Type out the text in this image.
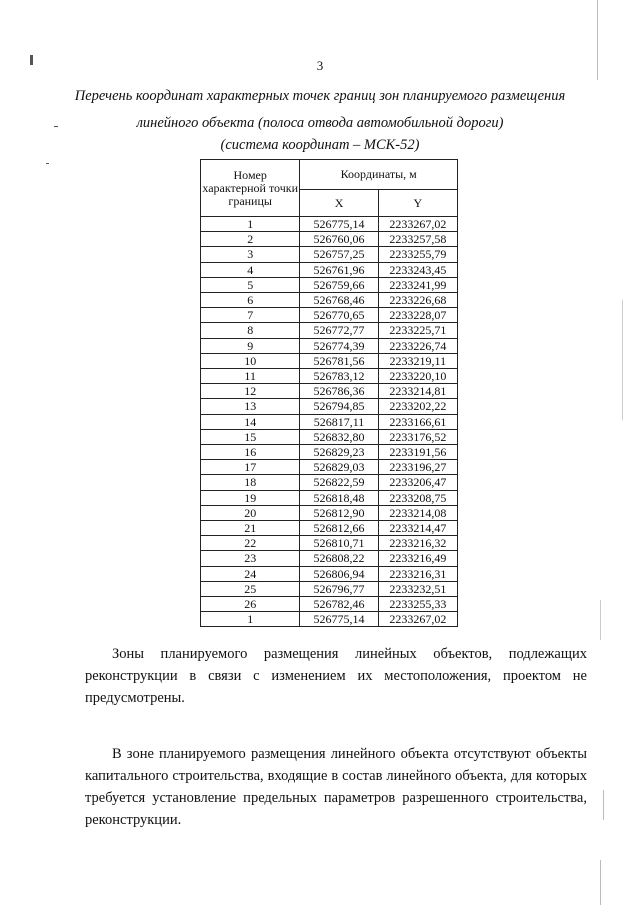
3
Перечень координат характерных точек границ зон планируемого размещения
линейного объекта (полоса отвода автомобильной дороги)
(система координат – МСК-52)
Номер характерной точки границы	Координаты, м	
	X	Y
1	526775,14	2233267,02
2	526760,06	2233257,58
3	526757,25	2233255,79
4	526761,96	2233243,45
5	526759,66	2233241,99
6	526768,46	2233226,68
7	526770,65	2233228,07
8	526772,77	2233225,71
9	526774,39	2233226,74
10	526781,56	2233219,11
11	526783,12	2233220,10
12	526786,36	2233214,81
13	526794,85	2233202,22
14	526817,11	2233166,61
15	526832,80	2233176,52
16	526829,23	2233191,56
17	526829,03	2233196,27
18	526822,59	2233206,47
19	526818,48	2233208,75
20	526812,90	2233214,08
21	526812,66	2233214,47
22	526810,71	2233216,32
23	526808,22	2233216,49
24	526806,94	2233216,31
25	526796,77	2233232,51
26	526782,46	2233255,33
1	526775,14	2233267,02
Зоны планируемого размещения линейных объектов, подлежащих реконструкции в связи с изменением их местоположения, проектом не предусмотрены.
В зоне планируемого размещения линейного объекта отсутствуют объекты капитального строительства, входящие в состав линейного объекта, для которых требуется установление предельных параметров разрешенного строительства, реконструкции.
